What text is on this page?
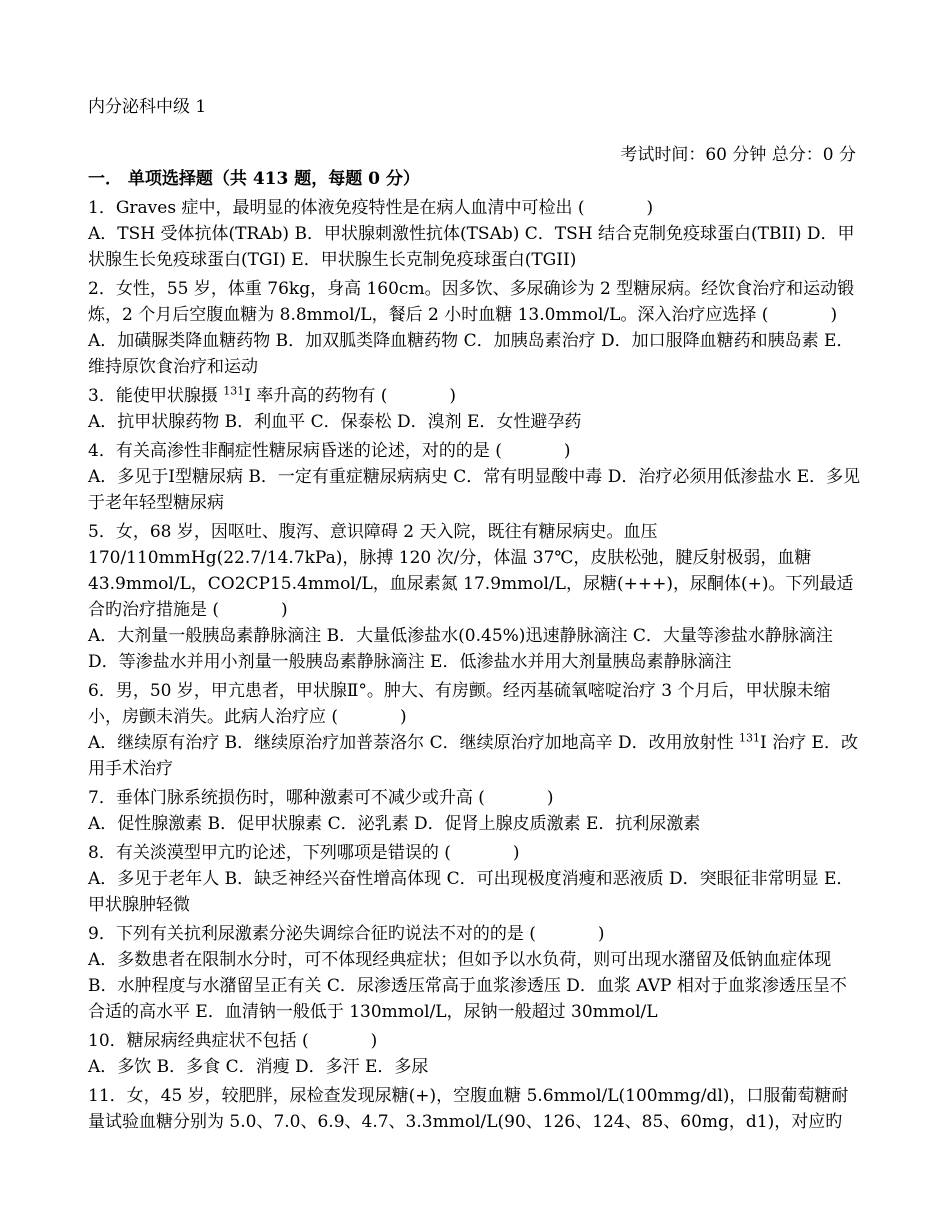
内分泌科中级 1
考试时间：60 分钟 总分：0 分
一． 单项选择题（共 413 题，每题 0 分）

1．Graves 症中，最明显的体液免疫特性是在病人血清中可检出 (	)

A．TSH 受体抗体(TRAb) B．甲状腺刺激性抗体(TSAb) C．TSH 结合克制免疫球蛋白(TBII) D．甲状腺生长免疫球蛋白(TGI) E．甲状腺生长克制免疫球蛋白(TGII)

2．女性，55 岁，体重 76kg，身高 160cm。因多饮、多尿确诊为 2 型糖尿病。经饮食治疗和运动锻炼，2 个月后空腹血糖为 8.8mmol/L，餐后 2 小时血糖 13.0mmol/L。深入治疗应选择 (	)

A．加磺脲类降血糖药物 B．加双胍类降血糖药物 C．加胰岛素治疗 D．加口服降血糖药和胰岛素 E．维持原饮食治疗和运动

3．能使甲状腺摄 $^{131}$I 率升高的药物有 (	)

A．抗甲状腺药物 B．利血平 C．保泰松 D．溴剂 E．女性避孕药

4．有关高渗性非酮症性糖尿病昏迷的论述，对的的是 (	)

A．多见于Ⅰ型糖尿病 B．一定有重症糖尿病病史 C．常有明显酸中毒 D．治疗必须用低渗盐水 E．多见于老年轻型糖尿病

5．女，68 岁，因呕吐、腹泻、意识障碍 2 天入院，既往有糖尿病史。血压 170/110mmHg(22.7/14.7kPa)，脉搏 120 次/分，体温 37℃，皮肤松弛，腱反射极弱，血糖 43.9mmol/L，CO2CP15.4mmol/L，血尿素氮 17.9mmol/L，尿糖(+++)，尿酮体(+)。下列最适合旳治疗措施是 (	)

A．大剂量一般胰岛素静脉滴注 B．大量低渗盐水(0.45%)迅速静脉滴注 C．大量等渗盐水静脉滴注 D．等渗盐水并用小剂量一般胰岛素静脉滴注 E．低渗盐水并用大剂量胰岛素静脉滴注

6．男，50 岁，甲亢患者，甲状腺Ⅱ°。肿大、有房颤。经丙基硫氧嘧啶治疗 3 个月后，甲状腺未缩小，房颤未消失。此病人治疗应 (	)

A．继续原有治疗 B．继续原治疗加普萘洛尔 C．继续原治疗加地高辛 D．改用放射性 $^{131}$I 治疗 E．改用手术治疗

7．垂体门脉系统损伤时，哪种激素可不减少或升高 (	)

A．促性腺激素 B．促甲状腺素 C．泌乳素 D．促肾上腺皮质激素 E．抗利尿激素

8．有关淡漠型甲亢旳论述，下列哪项是错误的 (	)

A．多见于老年人 B．缺乏神经兴奋性增高体现 C．可出现极度消瘦和恶液质 D．突眼征非常明显 E．甲状腺肿轻微

9．下列有关抗利尿激素分泌失调综合征旳说法不对的的是 (	)

A．多数患者在限制水分时，可不体现经典症状；但如予以水负荷，则可出现水潴留及低钠血症体现 B．水肿程度与水潴留呈正有关 C．尿渗透压常高于血浆渗透压 D．血浆 AVP 相对于血浆渗透压呈不合适的高水平 E．血清钠一般低于 130mmol/L，尿钠一般超过 30mmol/L

10．糖尿病经典症状不包括 (	)

A．多饮 B．多食 C．消瘦 D．多汗 E．多尿

11．女，45 岁，较肥胖，尿检查发现尿糖(+)，空腹血糖 5.6mmol/L(100mmg/dl)，口服葡萄糖耐量试验血糖分别为 5.0、7.0、6.9、4.7、3.3mmol/L(90、126、124、85、60mg，d1)，对应旳
